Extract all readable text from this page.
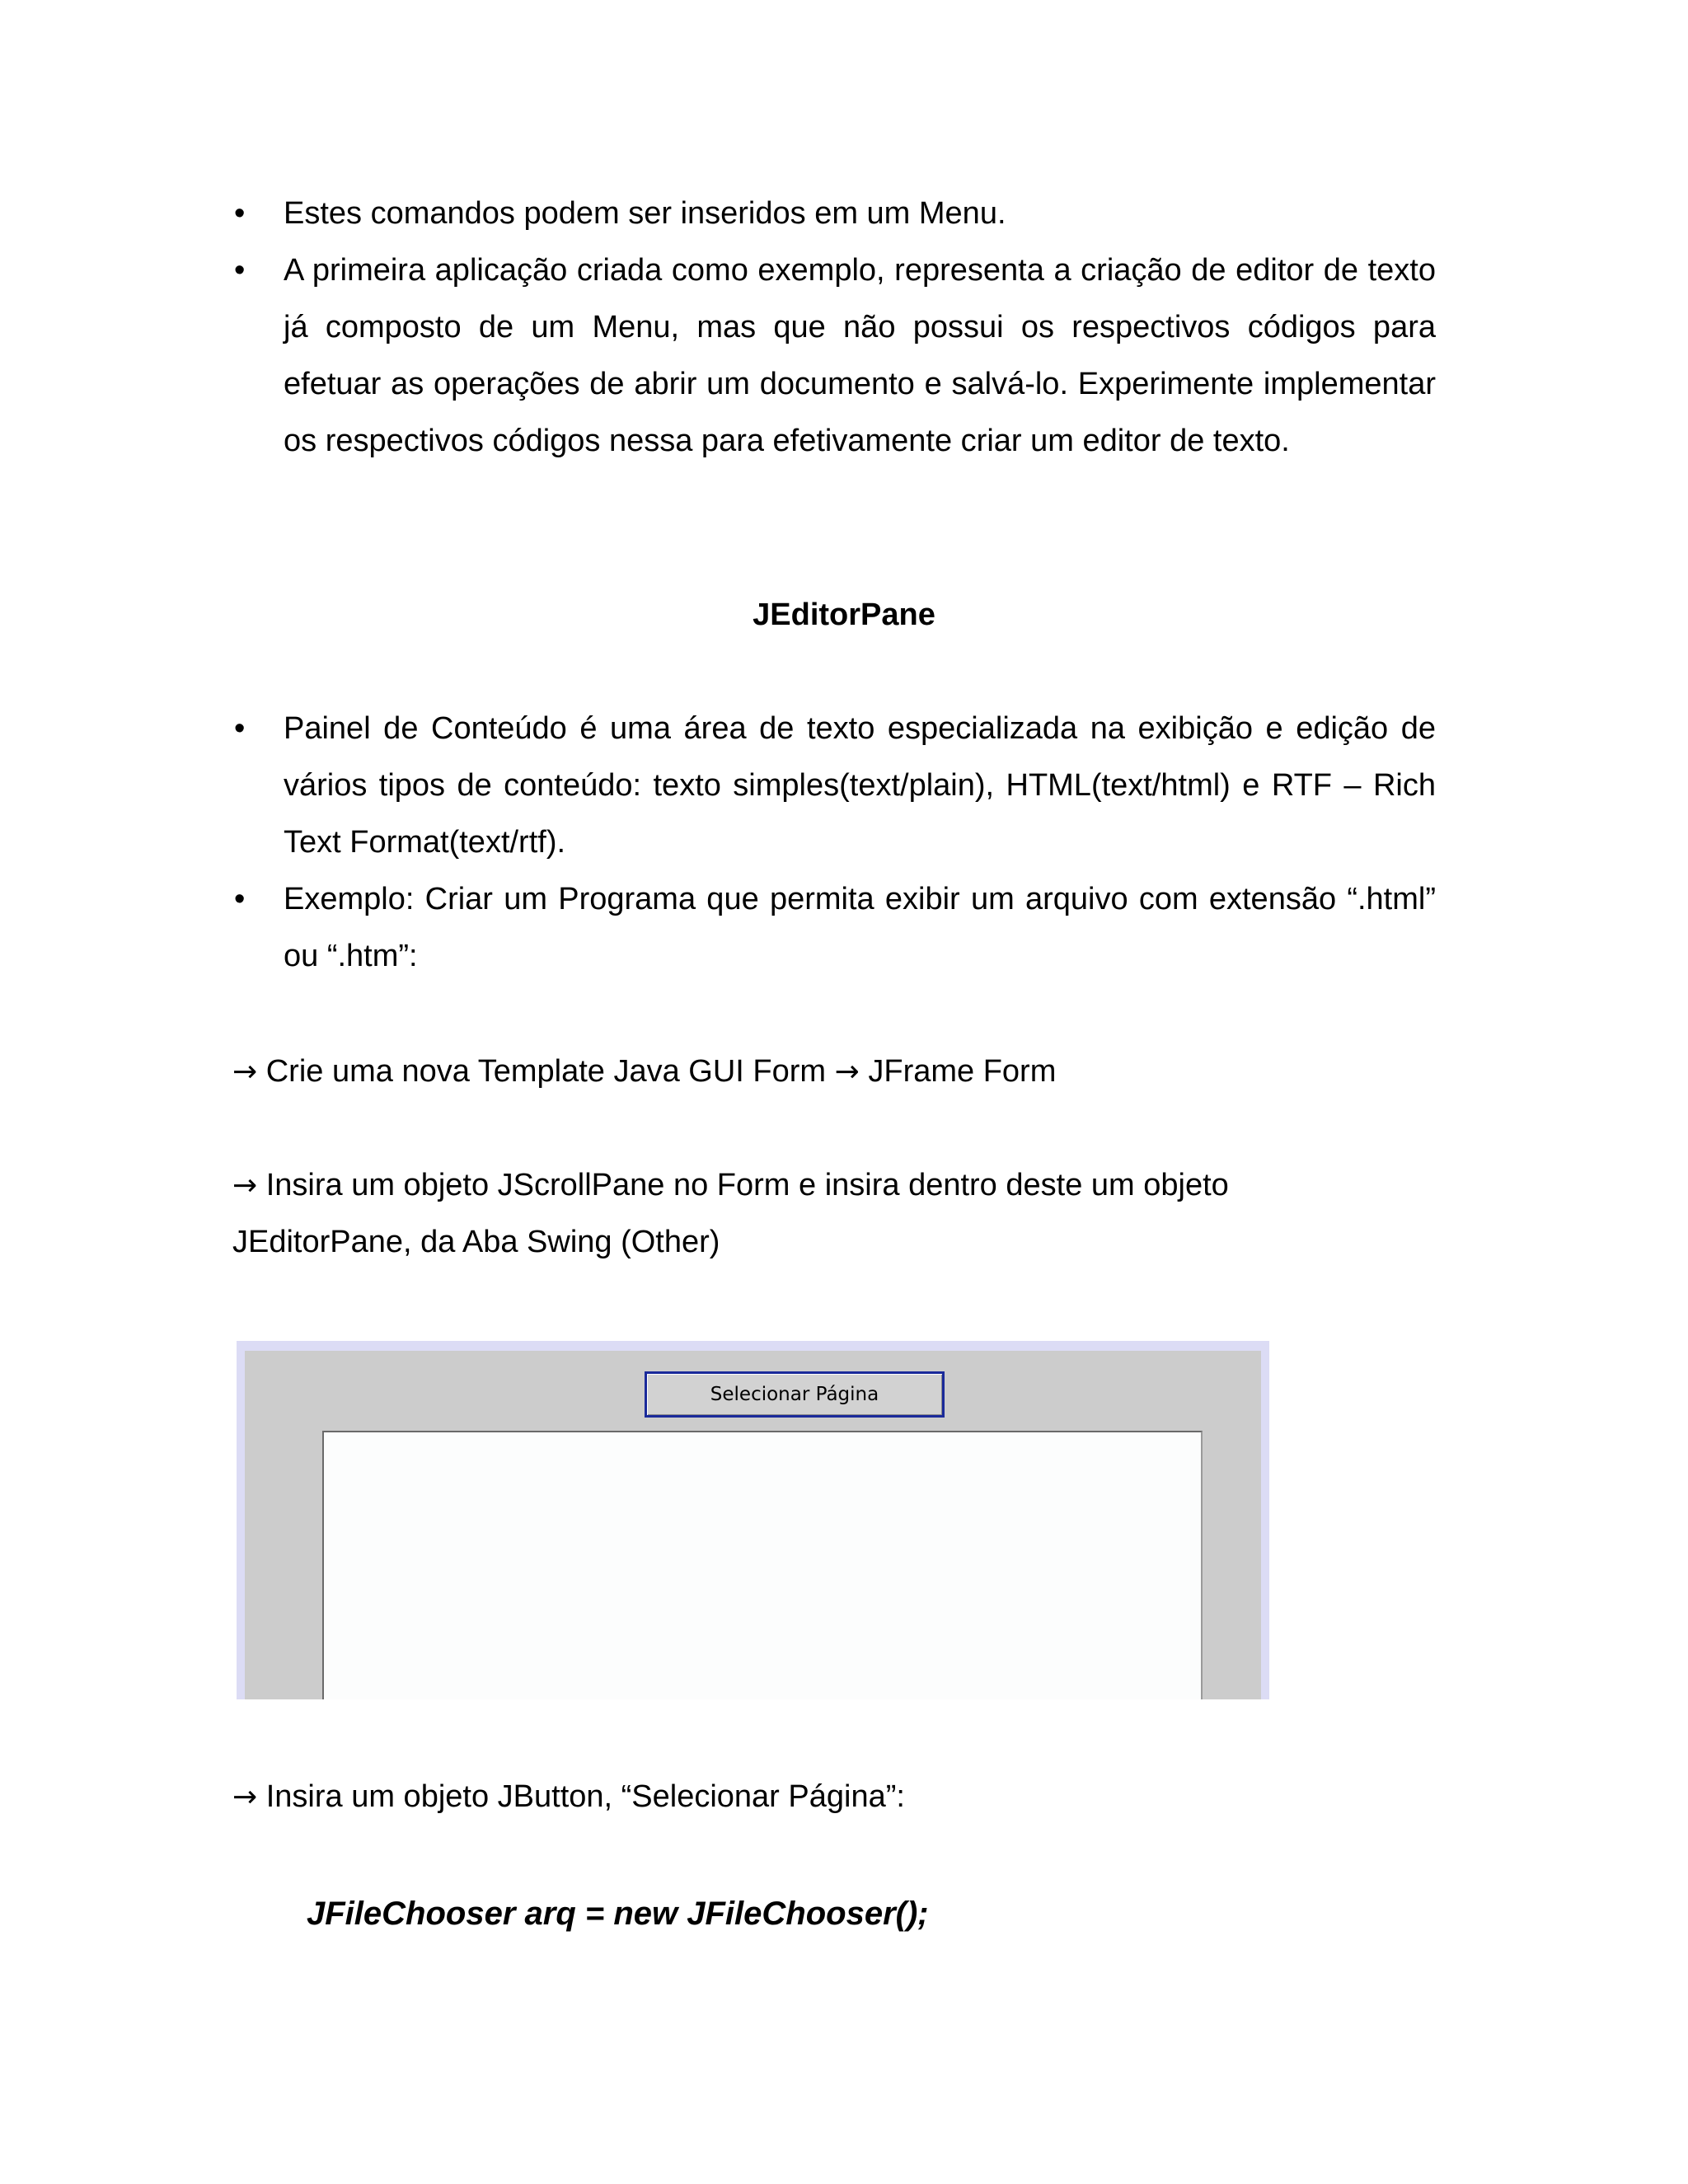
• Estes comandos podem ser inseridos em um Menu.
• A primeira aplicação criada como exemplo, representa a criação de editor de texto já composto de um Menu, mas que não possui os respectivos códigos para efetuar as operações de abrir um documento e salvá-lo. Experimente implementar os respectivos códigos nessa para efetivamente criar um editor de texto.
JEditorPane
• Painel de Conteúdo é uma área de texto especializada na exibição e edição de vários tipos de conteúdo: texto simples(text/plain), HTML(text/html) e RTF – Rich Text Format(text/rtf).
• Exemplo: Criar um Programa que permita exibir um arquivo com extensão “.html” ou “.htm”:
→ Crie uma nova Template Java GUI Form → JFrame Form
→ Insira um objeto JScrollPane no Form e insira dentro deste um objeto JEditorPane, da Aba Swing (Other)
Selecionar Página
→ Insira um objeto JButton, “Selecionar Página”:
JFileChooser arq = new JFileChooser();
